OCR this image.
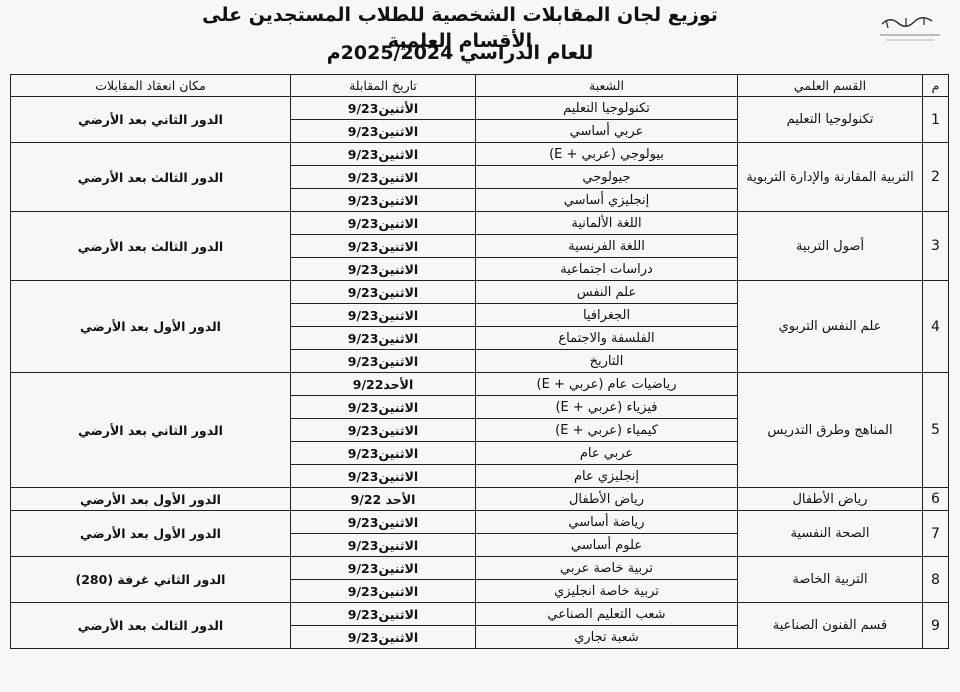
توزيع لجان المقابلات الشخصية للطلاب المستجدين على الأقسام العلمية
للعام الدراسي 2025/2024م
م	القسم العلمي	الشعبة	تاريخ المقابلة	مكان انعقاد المقابلات
1	تكنولوجيا التعليم	تكنولوجيا التعليم	الأثنين9/23	الدور الثاني بعد الأرضي
		عربي أساسي	الاثنين9/23	

2	التربية المقارنة والإدارة التربوية	بيولوجي (عربي + E)	الاثنين9/23	الدور الثالث بعد الأرضي
		جيولوجي	الاثنين9/23	
		إنجليزي أساسي	الاثنين9/23	
3	أصول التربية	اللغة الألمانية	الاثنين9/23	الدور الثالث بعد الأرضي
		اللغة الفرنسية	الاثنين9/23	
		دراسات اجتماعية	الاثنين9/23	
4	علم النفس التربوي	علم النفس	الاثنين9/23	الدور الأول بعد الأرضي
		الجغرافيا	الاثنين9/23	
		الفلسفة والاجتماع	الاثنين9/23	
		التاريخ	الاثنين9/23	
5	المناهج وطرق التدريس	رياضيات عام (عربي + E)	الأحد9/22	الدور الثاني بعد الأرضي
		فيزياء (عربي + E)	الاثنين9/23	
		كيمياء (عربي + E)	الاثنين9/23	
		عربي عام	الاثنين9/23	
		إنجليزي عام	الاثنين9/23	
6	رياض الأطفال	رياض الأطفال	الأحد 9/22	الدور الأول بعد الأرضي
7	الصحة النفسية	رياضة أساسي	الاثنين9/23	الدور الأول بعد الأرضي
		علوم أساسي	الاثنين9/23	
8	التربية الخاصة	تربية خاصة عربي	الاثنين9/23	الدور الثاني غرفة (280)
		تربية خاصة انجليزي	الاثنين9/23	
9	قسم الفنون الصناعية	شعب التعليم الصناعي	الاثنين9/23	الدور الثالث بعد الأرضي
		شعبة تجاري	الاثنين9/23	
